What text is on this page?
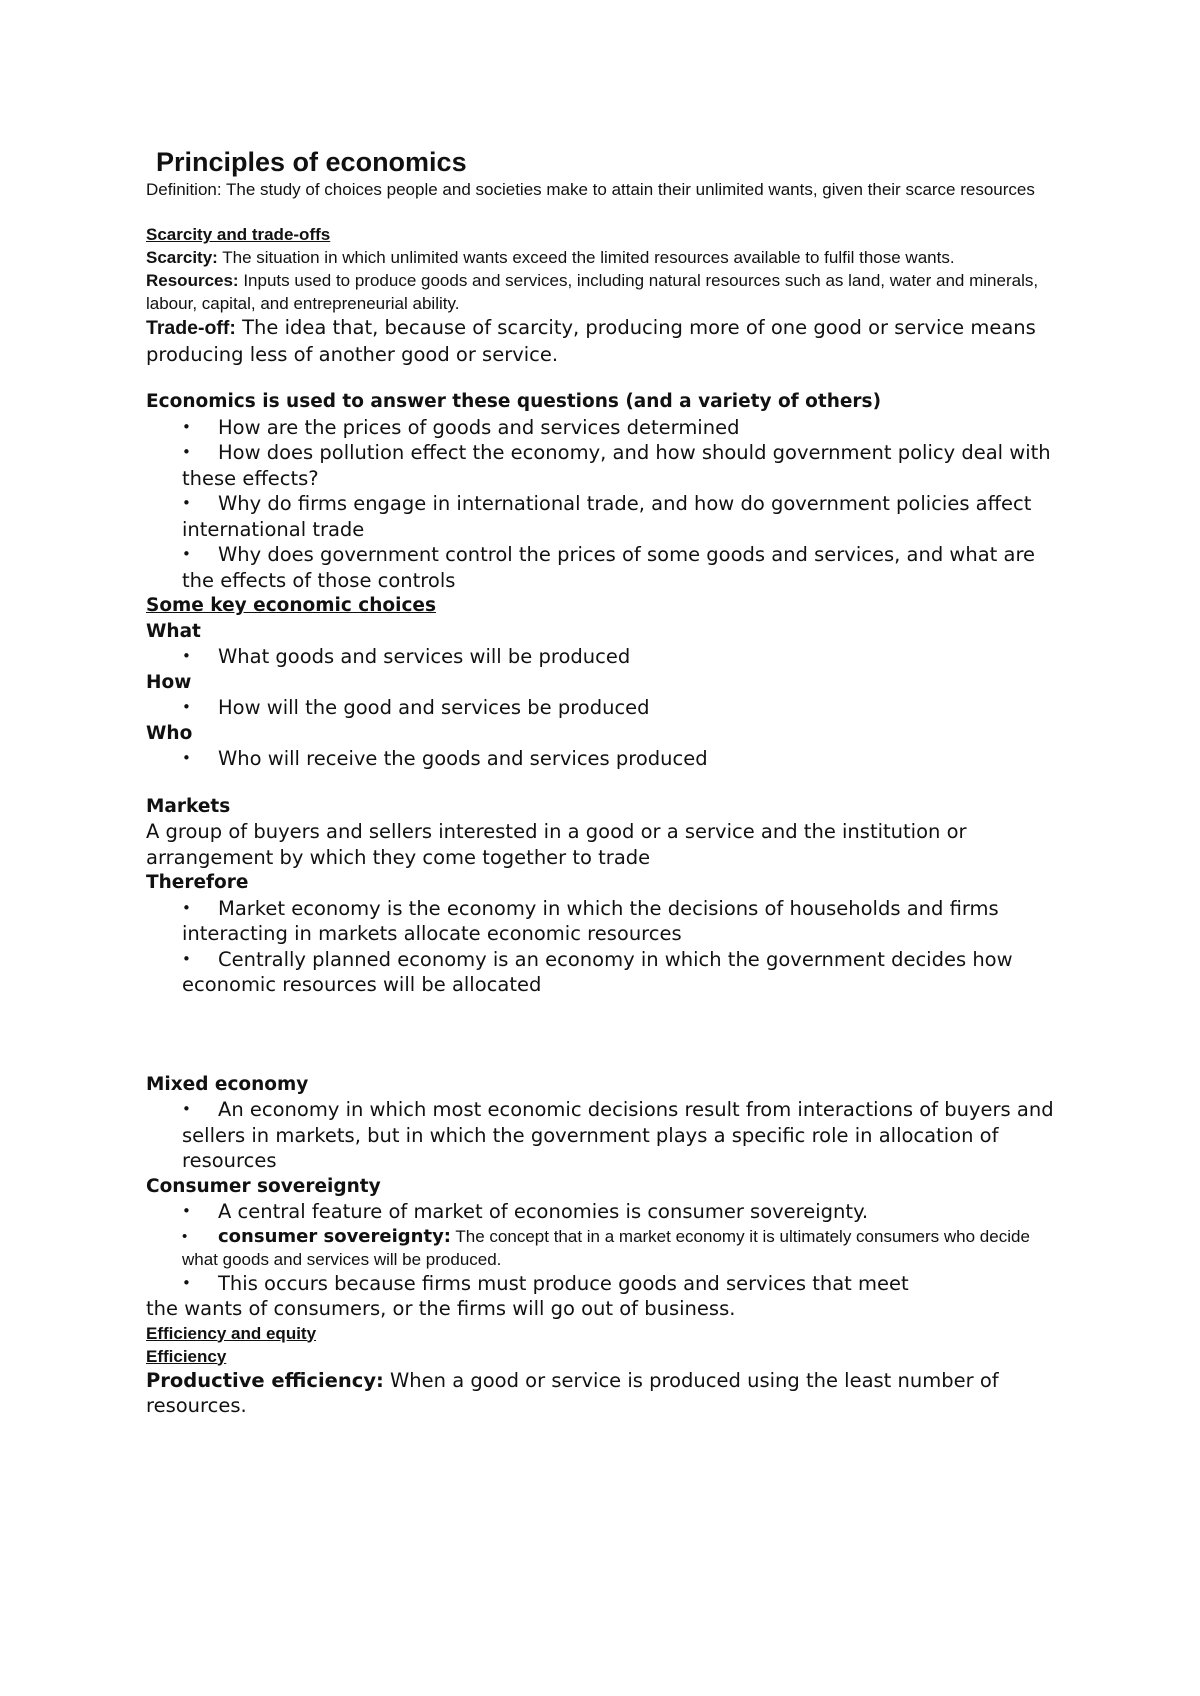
Principles of economics

Definition: The study of choices people and societies make to attain their unlimited wants, given their scarce resources

Scarcity and trade-offs

Scarcity: The situation in which unlimited wants exceed the limited resources available to fulfil those wants.

Resources: Inputs used to produce goods and services, including natural resources such as land, water and minerals, labour, capital, and entrepreneurial ability.

Trade-off: The idea that, because of scarcity, producing more of one good or service means producing less of another good or service.

Economics is used to answer these questions (and a variety of others)

•	How are the prices of goods and services determined
•	How does pollution effect the economy, and how should government policy deal with these effects?
•	Why do firms engage in international trade, and how do government policies affect international trade
•	Why does government control the prices of some goods and services, and what are the effects of those controls

Some key economic choices

What

•	What goods and services will be produced

How

•	How will the good and services be produced

Who

•	Who will receive the goods and services produced

Markets

A group of buyers and sellers interested in a good or a service and the institution or arrangement by which they come together to trade

Therefore

•	Market economy is the economy in which the decisions of households and firms interacting in markets allocate economic resources
•	Centrally planned economy is an economy in which the government decides how economic resources will be allocated

Mixed economy

•	An economy in which most economic decisions result from interactions of buyers and sellers in markets, but in which the government plays a specific role in allocation of resources

Consumer sovereignty

•	A central feature of market of economies is consumer sovereignty.
•	consumer sovereignty: The concept that in a market economy it is ultimately consumers who decide what goods and services will be produced.
•	This occurs because firms must produce goods and services that meet

the wants of consumers, or the firms will go out of business.

Efficiency and equity

Efficiency

Productive efficiency: When a good or service is produced using the least number of resources.
